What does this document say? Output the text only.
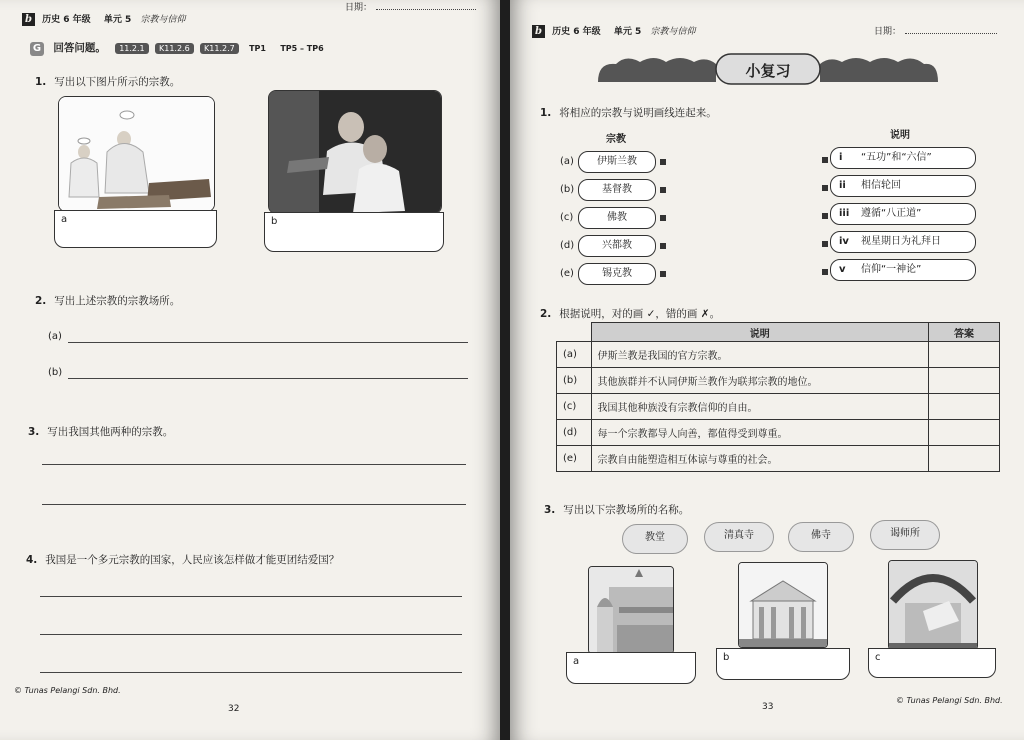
b 历史 6 年级 单元 5 宗教与信仰
日期：
G 回答问题。 11.2.1 K11.2.6 K11.2.7 TP1 TP5 – TP6
1. 写出以下图片所示的宗教。
a	b
2. 写出上述宗教的宗教场所。
(a)
(b)
3. 写出我国其他两种的宗教。
4. 我国是一个多元宗教的国家，人民应该怎样做才能更团结爱国？
© Tunas Pelangi Sdn. Bhd.
32
b 历史 6 年级 单元 5 宗教与信仰	日期：
小复习
1. 将相应的宗教与说明画线连起来。
宗教	说明
(a)	伊斯兰教
(b)	基督教
(c)	佛教
(d)	兴都教
(e)	锡克教
i “五功”和“六信”
ii 相信轮回
iii 遵循“八正道”
iv 视星期日为礼拜日
v 信仰“一神论”
2. 根据说明，对的画 ✓，错的画 ✗。
	说明	答案
(a)	伊斯兰教是我国的官方宗教。	
(b)	其他族群并不认同伊斯兰教作为联邦宗教的地位。	
(c)	我国其他种族没有宗教信仰的自由。	
(d)	每一个宗教都导人向善，都值得受到尊重。	
(e)	宗教自由能塑造相互体谅与尊重的社会。	
3. 写出以下宗教场所的名称。
教堂	清真寺	佛寺	谒师所
a	b	c
33
© Tunas Pelangi Sdn. Bhd.
